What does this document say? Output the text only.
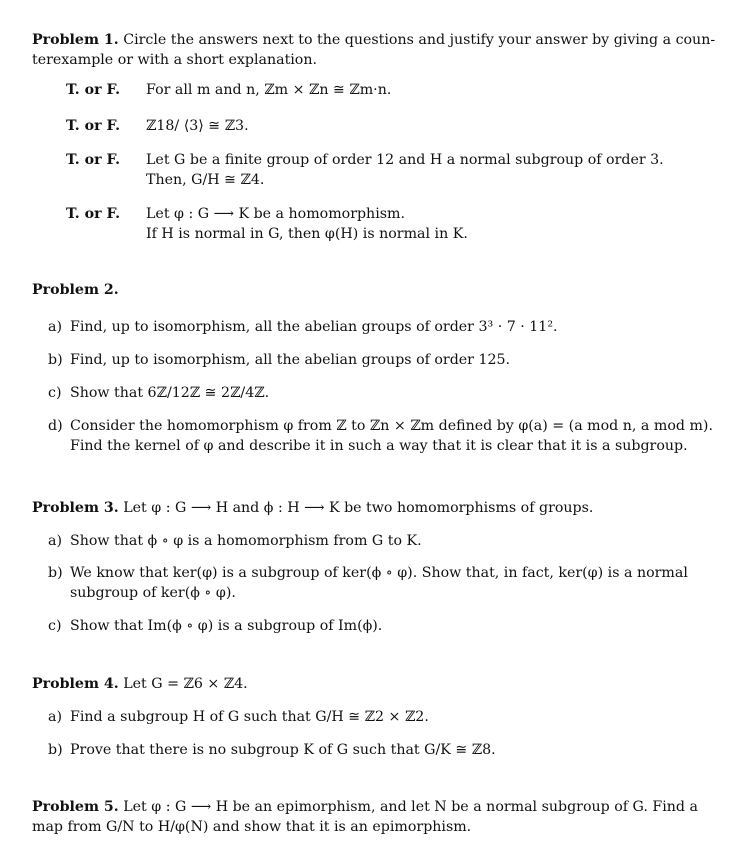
Problem 1. Circle the answers next to the questions and justify your answer by giving a coun-

terexample or with a short explanation.

T. or F. For all m and n, ℤm × ℤn ≅ ℤm·n.
T. or F. ℤ18/ ⟨3⟩ ≅ ℤ3.
T. or F. Let G be a finite group of order 12 and H a normal subgroup of order 3.
Then, G/H ≅ ℤ4.
T. or F. Let φ : G ⟶ K be a homomorphism.
If H is normal in G, then φ(H) is normal in K.

Problem 2.

a) Find, up to isomorphism, all the abelian groups of order 3³ · 7 · 11².
b) Find, up to isomorphism, all the abelian groups of order 125.
c) Show that 6ℤ/12ℤ ≅ 2ℤ/4ℤ.
d) Consider the homomorphism φ from ℤ to ℤn × ℤm defined by φ(a) = (a mod n, a mod m).
Find the kernel of φ and describe it in such a way that it is clear that it is a subgroup.

Problem 3. Let φ : G ⟶ H and ϕ : H ⟶ K be two homomorphisms of groups.

a) Show that ϕ ∘ φ is a homomorphism from G to K.
b) We know that ker(φ) is a subgroup of ker(ϕ ∘ φ). Show that, in fact, ker(φ) is a normal
subgroup of ker(ϕ ∘ φ).
c) Show that Im(ϕ ∘ φ) is a subgroup of Im(ϕ).

Problem 4. Let G = ℤ6 × ℤ4.

a) Find a subgroup H of G such that G/H ≅ ℤ2 × ℤ2.
b) Prove that there is no subgroup K of G such that G/K ≅ ℤ8.

Problem 5. Let φ : G ⟶ H be an epimorphism, and let N be a normal subgroup of G. Find a

map from G/N to H/φ(N) and show that it is an epimorphism.
